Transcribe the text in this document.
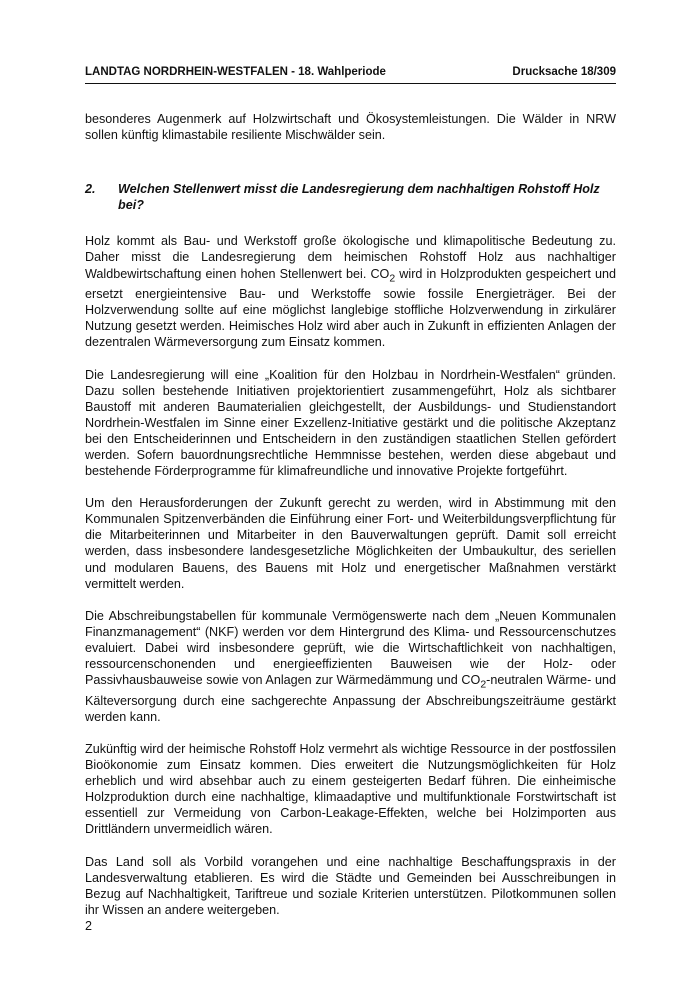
LANDTAG NORDRHEIN-WESTFALEN - 18. Wahlperiode	Drucksache 18/309

besonderes Augenmerk auf Holzwirtschaft und Ökosystemleistungen. Die Wälder in NRW sollen künftig klimastabile resiliente Mischwälder sein.

2.	Welchen Stellenwert misst die Landesregierung dem nachhaltigen Rohstoff Holz bei?

Holz kommt als Bau- und Werkstoff große ökologische und klimapolitische Bedeutung zu. Daher misst die Landesregierung dem heimischen Rohstoff Holz aus nachhaltiger Waldbewirtschaftung einen hohen Stellenwert bei. $CO_2$ wird in Holzprodukten gespeichert und ersetzt energieintensive Bau- und Werkstoffe sowie fossile Energieträger. Bei der Holzverwendung sollte auf eine möglichst langlebige stoffliche Holzverwendung in zirkulärer Nutzung gesetzt werden. Heimisches Holz wird aber auch in Zukunft in effizienten Anlagen der dezentralen Wärmeversorgung zum Einsatz kommen.

Die Landesregierung will eine „Koalition für den Holzbau in Nordrhein-Westfalen“ gründen. Dazu sollen bestehende Initiativen projektorientiert zusammengeführt, Holz als sichtbarer Baustoff mit anderen Baumaterialien gleichgestellt, der Ausbildungs- und Studienstandort Nordrhein-Westfalen im Sinne einer Exzellenz-Initiative gestärkt und die politische Akzeptanz bei den Entscheiderinnen und Entscheidern in den zuständigen staatlichen Stellen gefördert werden. Sofern bauordnungsrechtliche Hemmnisse bestehen, werden diese abgebaut und bestehende Förderprogramme für klimafreundliche und innovative Projekte fortgeführt.

Um den Herausforderungen der Zukunft gerecht zu werden, wird in Abstimmung mit den Kommunalen Spitzenverbänden die Einführung einer Fort- und Weiterbildungsverpflichtung für die Mitarbeiterinnen und Mitarbeiter in den Bauverwaltungen geprüft. Damit soll erreicht werden, dass insbesondere landesgesetzliche Möglichkeiten der Umbaukultur, des seriellen und modularen Bauens, des Bauens mit Holz und energetischer Maßnahmen verstärkt vermittelt werden.

Die Abschreibungstabellen für kommunale Vermögenswerte nach dem „Neuen Kommunalen Finanzmanagement“ (NKF) werden vor dem Hintergrund des Klima- und Ressourcenschutzes evaluiert. Dabei wird insbesondere geprüft, wie die Wirtschaftlichkeit von nachhaltigen, ressourcenschonenden und energieeffizienten Bauweisen wie der Holz- oder Passivhausbauweise sowie von Anlagen zur Wärmedämmung und $CO_2$-neutralen Wärme- und Kälteversorgung durch eine sachgerechte Anpassung der Abschreibungszeiträume gestärkt werden kann.

Zukünftig wird der heimische Rohstoff Holz vermehrt als wichtige Ressource in der postfossilen Bioökonomie zum Einsatz kommen. Dies erweitert die Nutzungsmöglichkeiten für Holz erheblich und wird absehbar auch zu einem gesteigerten Bedarf führen. Die einheimische Holzproduktion durch eine nachhaltige, klimaadaptive und multifunktionale Forstwirtschaft ist essentiell zur Vermeidung von Carbon-Leakage-Effekten, welche bei Holzimporten aus Drittländern unvermeidlich wären.

Das Land soll als Vorbild vorangehen und eine nachhaltige Beschaffungspraxis in der Landesverwaltung etablieren. Es wird die Städte und Gemeinden bei Ausschreibungen in Bezug auf Nachhaltigkeit, Tariftreue und soziale Kriterien unterstützen. Pilotkommunen sollen ihr Wissen an andere weitergeben.

2
